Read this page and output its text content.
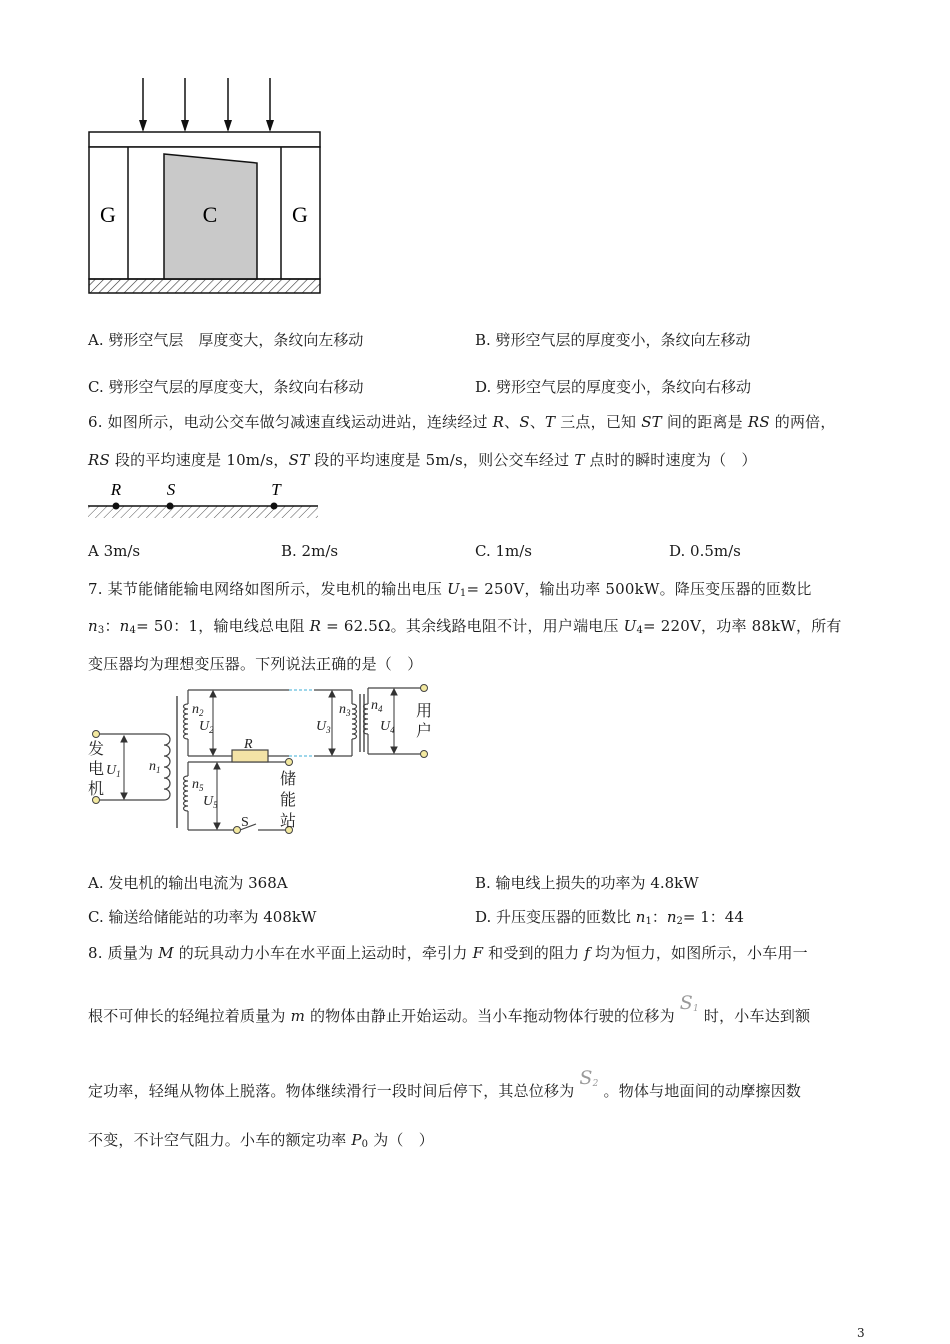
G	C	G
A. 劈形空气层　厚度变大，条纹向左移动	B. 劈形空气层的厚度变小，条纹向左移动
C. 劈形空气层的厚度变大，条纹向右移动	D. 劈形空气层的厚度变小，条纹向右移动
6. 如图所示，电动公交车做匀减速直线运动进站，连续经过 R、S、T 三点，已知 ST 间的距离是 RS 的两倍，
RS 段的平均速度是 10m/s，ST 段的平均速度是 5m/s，则公交车经过 T 点时的瞬时速度为（　）
R	S	T
A 3m/s	B. 2m/s	C. 1m/s	D. 0.5m/s
7. 某节能储能输电网络如图所示，发电机的输出电压 $U_1= 250V$，输出功率 500kW。降压变压器的匝数比
$n_3$：$n_4= 50$：1，输电线总电阻 R = 62.5Ω。其余线路电阻不计，用户端电压 $U_4= 220V$，功率 88kW，所有
变压器均为理想变压器。下列说法正确的是（　）
$U_1$ $n_1$
$n_2$
$U_2$	$U_3$
$n_3$ $n_4$
$U_4$
$n_5$
$U_5$
R
S
发
电
机
用
户
储
能
站
A. 发电机的输出电流为 368A	B. 输电线上损失的功率为 4.8kW
C. 输送给储能站的功率为 408kW	D. 升压变压器的匝数比 $n_1$：$n_2= 1$：44
8. 质量为 M 的玩具动力小车在水平面上运动时，牵引力 F 和受到的阻力 f 均为恒力，如图所示，小车用一
根不可伸长的轻绳拉着质量为 m 的物体由静止开始运动。当小车拖动物体行驶的位移为 $S_1$ 时，小车达到额
定功率，轻绳从物体上脱落。物体继续滑行一段时间后停下，其总位移为 $S_2$ 。物体与地面间的动摩擦因数
不变，不计空气阻力。小车的额定功率 $P_0$ 为（　）
3
